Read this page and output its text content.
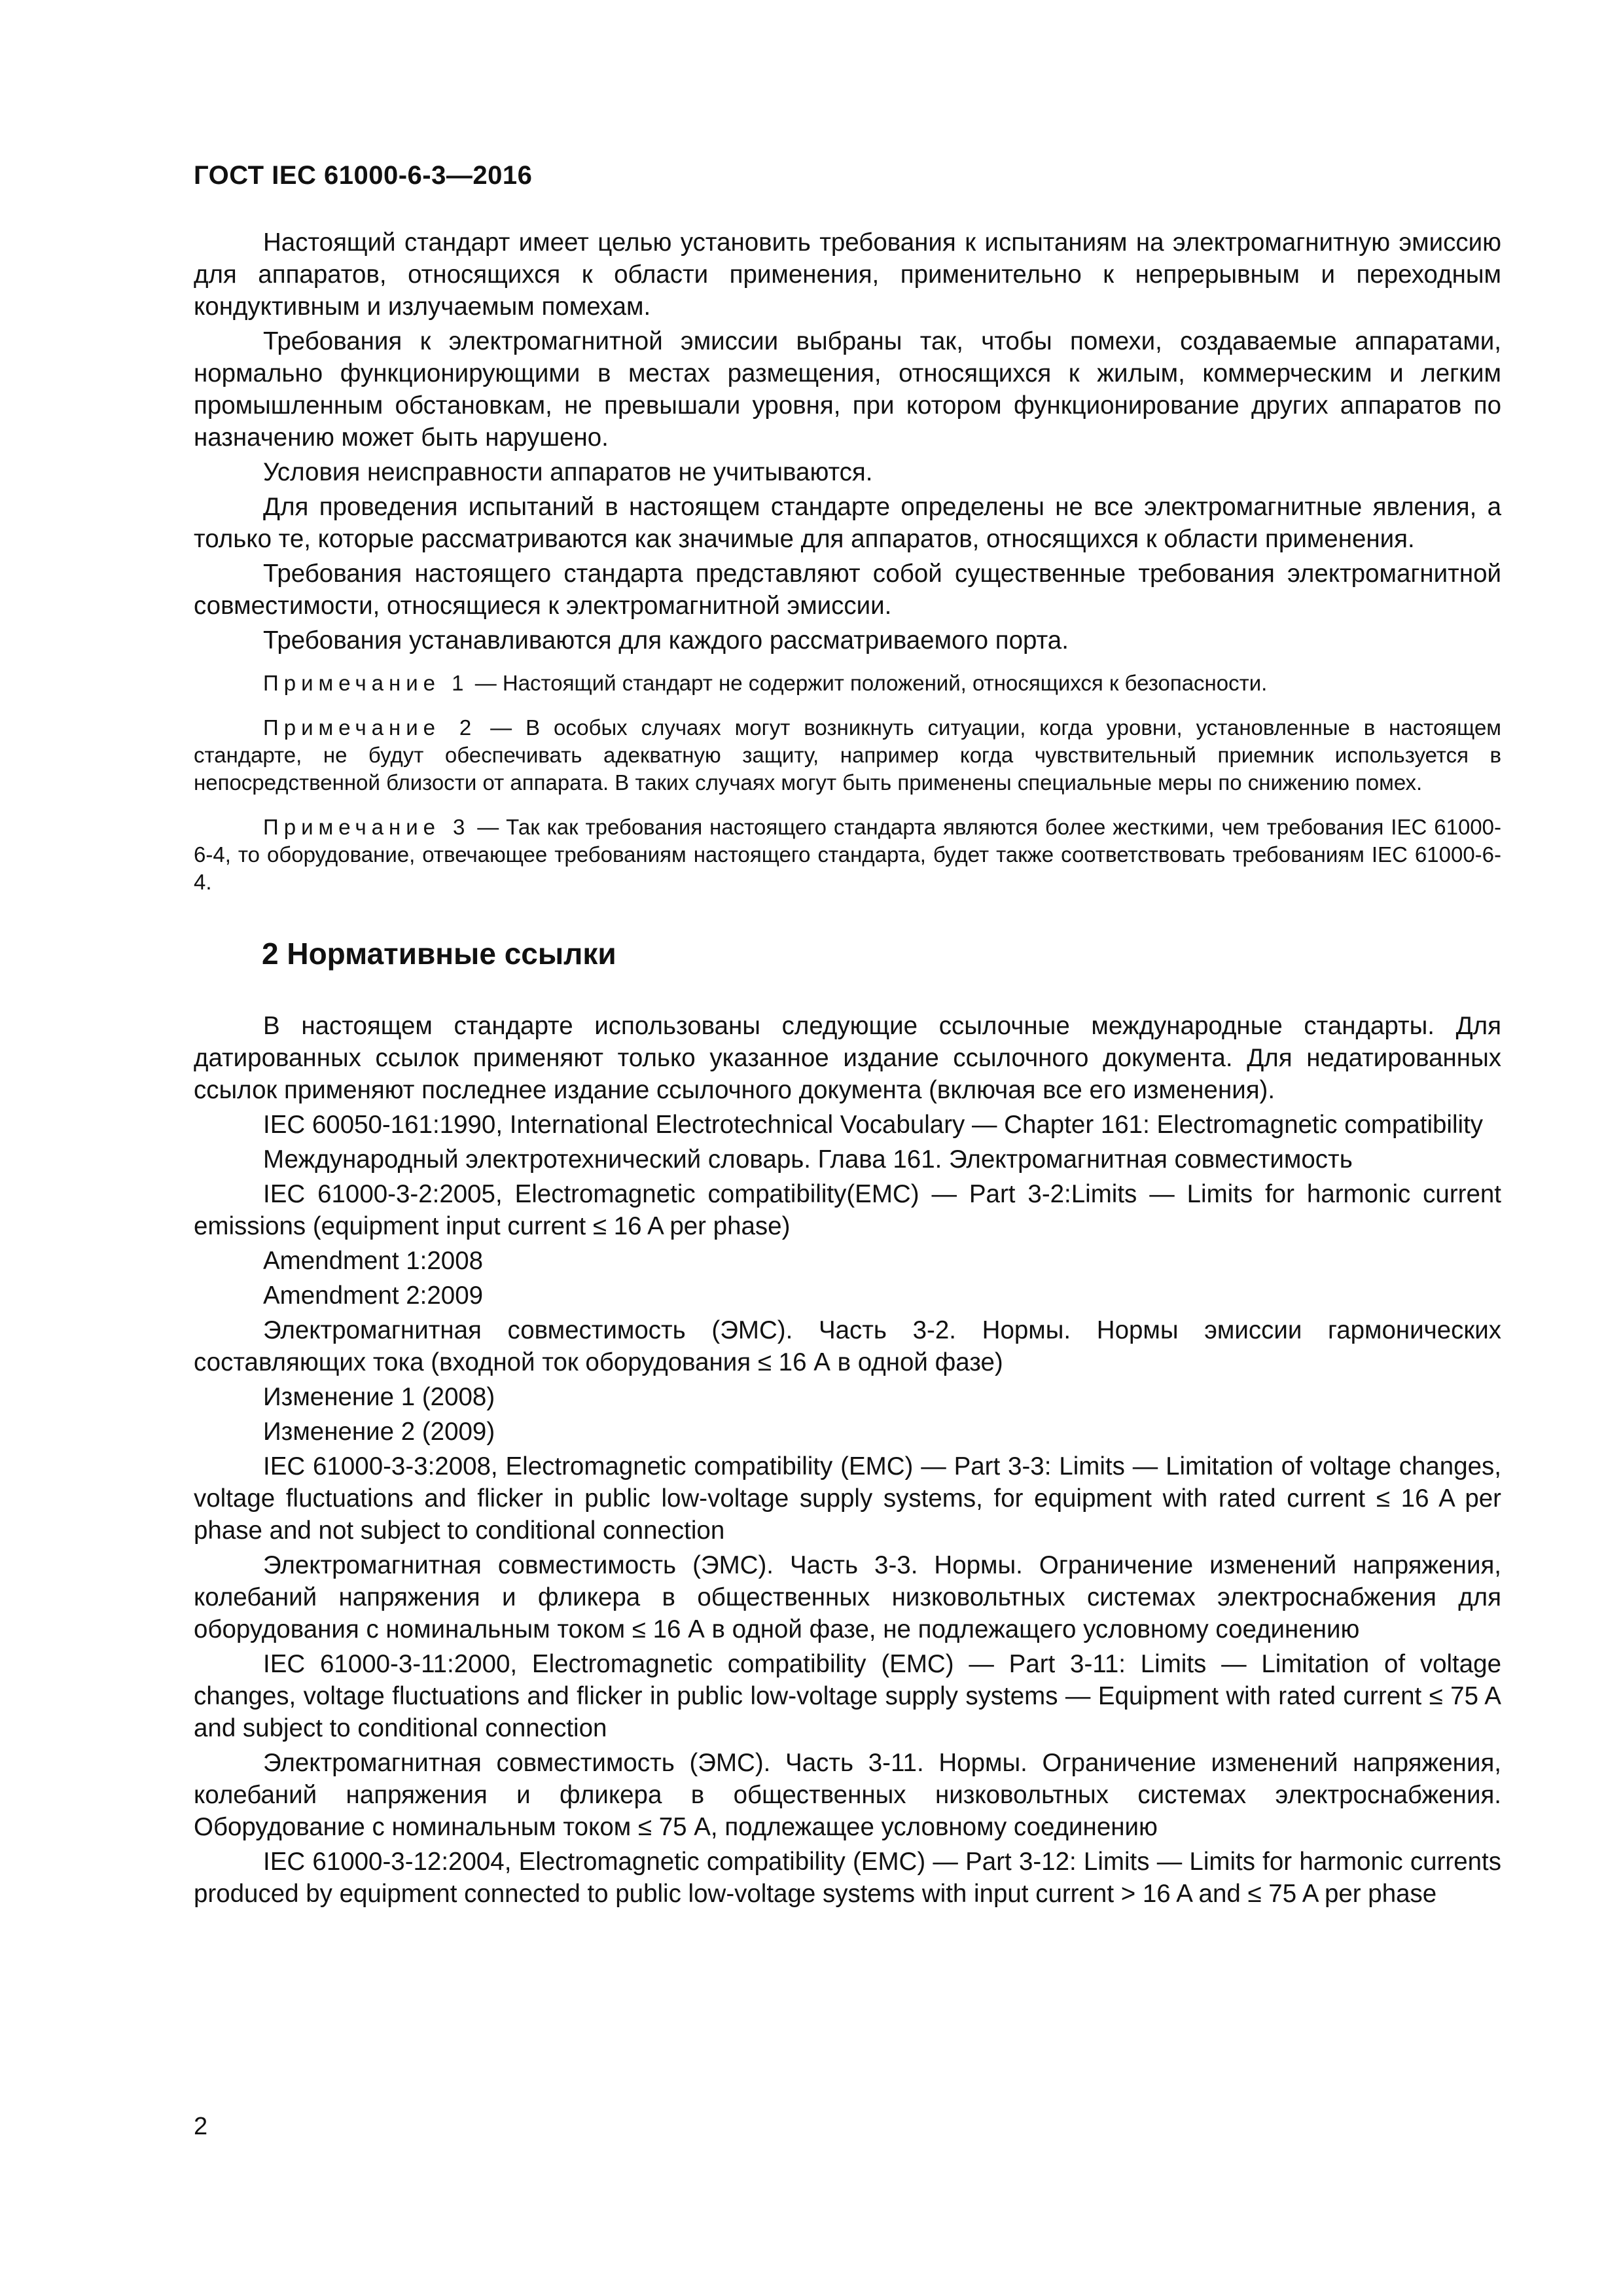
ГОСТ IEC 61000-6-3—2016

Настоящий стандарт имеет целью установить требования к испытаниям на электромагнитную эмиссию для аппаратов, относящихся к области применения, применительно к непрерывным и переходным кондуктивным и излучаемым помехам.

Требования к электромагнитной эмиссии выбраны так, чтобы помехи, создаваемые аппаратами, нормально функционирующими в местах размещения, относящихся к жилым, коммерческим и легким промышленным обстановкам, не превышали уровня, при котором функционирование других аппаратов по назначению может быть нарушено.

Условия неисправности аппаратов не учитываются.

Для проведения испытаний в настоящем стандарте определены не все электромагнитные явления, а только те, которые рассматриваются как значимые для аппаратов, относящихся к области применения.

Требования настоящего стандарта представляют собой существенные требования электромагнитной совместимости, относящиеся к электромагнитной эмиссии.

Требования устанавливаются для каждого рассматриваемого порта.

Примечание 1 — Настоящий стандарт не содержит положений, относящихся к безопасности.

Примечание 2 — В особых случаях могут возникнуть ситуации, когда уровни, установленные в настоящем стандарте, не будут обеспечивать адекватную защиту, например когда чувствительный приемник используется в непосредственной близости от аппарата. В таких случаях могут быть применены специальные меры по снижению помех.

Примечание 3 — Так как требования настоящего стандарта являются более жесткими, чем требования IEC 61000-6-4, то оборудование, отвечающее требованиям настоящего стандарта, будет также соответствовать требованиям IEC 61000-6-4.

2 Нормативные ссылки

В настоящем стандарте использованы следующие ссылочные международные стандарты. Для датированных ссылок применяют только указанное издание ссылочного документа. Для недатированных ссылок применяют последнее издание ссылочного документа (включая все его изменения).

IEC 60050-161:1990, International Electrotechnical Vocabulary — Chapter 161: Electromagnetic compatibility

Международный электротехнический словарь. Глава 161. Электромагнитная совместимость

IEC 61000-3-2:2005, Electromagnetic compatibility(EMC) — Part 3-2:Limits — Limits for harmonic current emissions (equipment input current ≤ 16 A per phase)

Amendment 1:2008

Amendment 2:2009

Электромагнитная совместимость (ЭМС). Часть 3-2. Нормы. Нормы эмиссии гармонических составляющих тока (входной ток оборудования ≤ 16 А в одной фазе)

Изменение 1 (2008)

Изменение 2 (2009)

IEC 61000-3-3:2008, Electromagnetic compatibility (EMC) — Part 3-3: Limits — Limitation of voltage changes, voltage fluctuations and flicker in public low-voltage supply systems, for equipment with rated current ≤ 16 A per phase and not subject to conditional connection

Электромагнитная совместимость (ЭМС). Часть 3-3. Нормы. Ограничение изменений напряжения, колебаний напряжения и фликера в общественных низковольтных системах электроснабжения для оборудования с номинальным током ≤ 16 А в одной фазе, не подлежащего условному соединению

IEC 61000-3-11:2000, Electromagnetic compatibility (EMC) — Part 3-11: Limits — Limitation of voltage changes, voltage fluctuations and flicker in public low-voltage supply systems — Equipment with rated current ≤ 75 A and subject to conditional connection

Электромагнитная совместимость (ЭМС). Часть 3-11. Нормы. Ограничение изменений напряжения, колебаний напряжения и фликера в общественных низковольтных системах электроснабжения. Оборудование с номинальным током ≤ 75 А, подлежащее условному соединению

IEC 61000-3-12:2004, Electromagnetic compatibility (EMC) — Part 3-12: Limits — Limits for harmonic currents produced by equipment connected to public low-voltage systems with input current > 16 A and ≤ 75 A per phase

2
